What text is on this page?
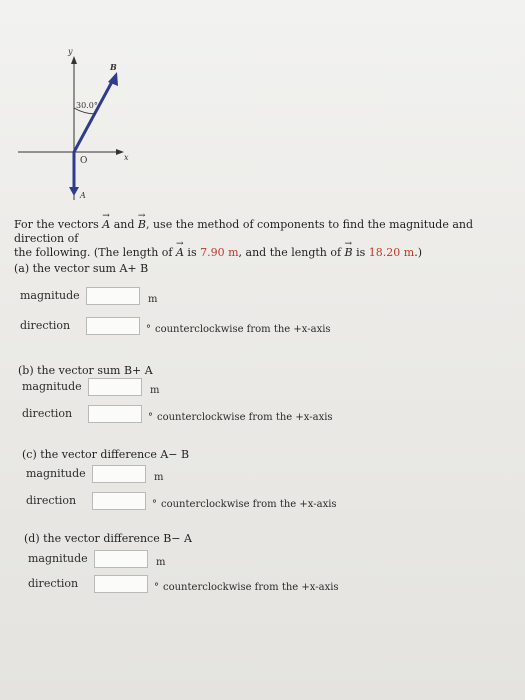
y
x
O
B
30.0°
A
For the vectors → A and → B, use the method of components to find the magnitude and direction of
the following. (The length of → A is 7.90 m, and the length of → B is 18.20 m.)
(a) the vector sum A+ B
magnitude	m
direction	° counterclockwise from the +x-axis
(b) the vector sum B+ A
magnitude	m
direction	° counterclockwise from the +x-axis
(c) the vector difference A− B
magnitude	m
direction	° counterclockwise from the +x-axis
(d) the vector difference B− A
magnitude	m
direction	° counterclockwise from the +x-axis
